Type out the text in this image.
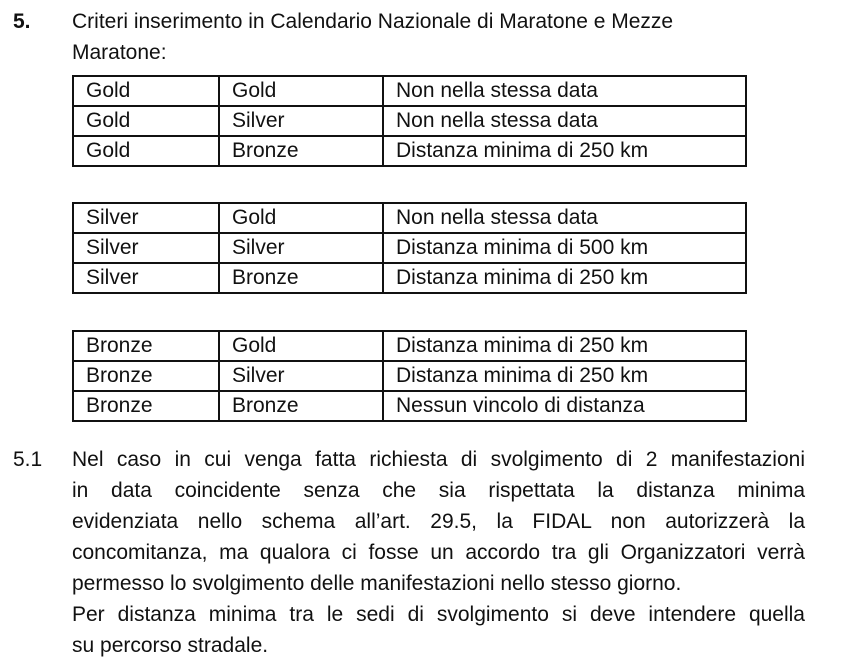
5. Criteri inserimento in Calendario Nazionale di Maratone e Mezze
Maratone:
Gold	Gold	Non nella stessa data
Gold	Silver	Non nella stessa data
Gold	Bronze	Distanza minima di 250 km
Silver	Gold	Non nella stessa data
Silver	Silver	Distanza minima di 500 km
Silver	Bronze	Distanza minima di 250 km
Bronze	Gold	Distanza minima di 250 km
Bronze	Silver	Distanza minima di 250 km
Bronze	Bronze	Nessun vincolo di distanza
5.1 Nel caso in cui venga fatta richiesta di svolgimento di 2 manifestazioni
in data coincidente senza che sia rispettata la distanza minima
evidenziata nello schema all’art. 29.5, la FIDAL non autorizzerà la
concomitanza, ma qualora ci fosse un accordo tra gli Organizzatori verrà
permesso lo svolgimento delle manifestazioni nello stesso giorno.
Per distanza minima tra le sedi di svolgimento si deve intendere quella
su percorso stradale.
